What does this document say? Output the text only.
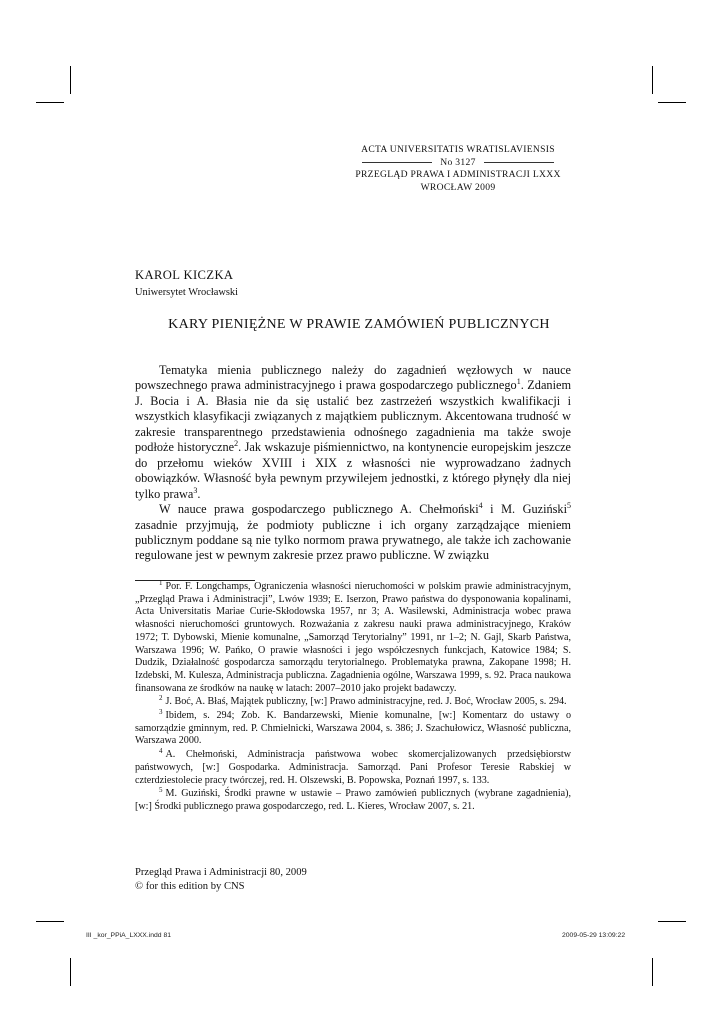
ACTA UNIVERSITATIS WRATISLAVIENSIS
No 3127
PRZEGLĄD PRAWA I ADMINISTRACJI LXXX
WROCŁAW 2009
KAROL KICZKA
Uniwersytet Wrocławski
KARY PIENIĘŻNE W PRAWIE ZAMÓWIEŃ PUBLICZNYCH

Tematyka mienia publicznego należy do zagadnień węzłowych w nauce powszechnego prawa administracyjnego i prawa gospodarczego publicznego$^1$. Zdaniem J. Bocia i A. Błasia nie da się ustalić bez zastrzeżeń wszystkich kwalifikacji i wszystkich klasyfikacji związanych z majątkiem publicznym. Akcentowana trudność w zakresie transparentnego przedstawienia odnośnego zagadnienia ma także swoje podłoże historyczne$^2$. Jak wskazuje piśmiennictwo, na kontynencie europejskim jeszcze do przełomu wieków XVIII i XIX z własności nie wyprowadzano żadnych obowiązków. Własność była pewnym przywilejem jednostki, z którego płynęły dla niej tylko prawa$^3$.

W nauce prawa gospodarczego publicznego A. Chełmoński$^4$ i M. Guziński$^5$ zasadnie przyjmują, że podmioty publiczne i ich organy zarządzające mieniem publicznym poddane są nie tylko normom prawa prywatnego, ale także ich zachowanie regulowane jest w pewnym zakresie przez prawo publiczne. W związku

$^1$ Por. F. Longchamps, Ograniczenia własności nieruchomości w polskim prawie administracyjnym, „Przegląd Prawa i Administracji”, Lwów 1939; E. Iserzon, Prawo państwa do dysponowania kopalinami, Acta Universitatis Mariae Curie-Skłodowska 1957, nr 3; A. Wasilewski, Administracja wobec prawa własności nieruchomości gruntowych. Rozważania z zakresu nauki prawa administracyjnego, Kraków 1972; T. Dybowski, Mienie komunalne, „Samorząd Terytorialny” 1991, nr 1–2; N. Gajl, Skarb Państwa, Warszawa 1996; W. Pańko, O prawie własności i jego współczesnych funkcjach, Katowice 1984; S. Dudzik, Działalność gospodarcza samorządu terytorialnego. Problematyka prawna, Zakopane 1998; H. Izdebski, M. Kulesza, Administracja publiczna. Zagadnienia ogólne, Warszawa 1999, s. 92. Praca naukowa finansowana ze środków na naukę w latach: 2007–2010 jako projekt badawczy.

$^2$ J. Boć, A. Błaś, Majątek publiczny, [w:] Prawo administracyjne, red. J. Boć, Wrocław 2005, s. 294.

$^3$ Ibidem, s. 294; Zob. K. Bandarzewski, Mienie komunalne, [w:] Komentarz do ustawy o samorządzie gminnym, red. P. Chmielnicki, Warszawa 2004, s. 386; J. Szachułowicz, Własność publiczna, Warszawa 2000.

$^4$ A. Chełmoński, Administracja państwowa wobec skomercjalizowanych przedsiębiorstw państwowych, [w:] Gospodarka. Administracja. Samorząd. Pani Profesor Teresie Rabskiej w czterdziestolecie pracy twórczej, red. H. Olszewski, B. Popowska, Poznań 1997, s. 133.

$^5$ M. Guziński, Środki prawne w ustawie – Prawo zamówień publicznych (wybrane zagadnienia), [w:] Środki publicznego prawa gospodarczego, red. L. Kieres, Wrocław 2007, s. 21.

Przegląd Prawa i Administracji 80, 2009
© for this edition by CNS
III _kor_PPiA_LXXX.indd 81	2009-05-29 13:09:22
